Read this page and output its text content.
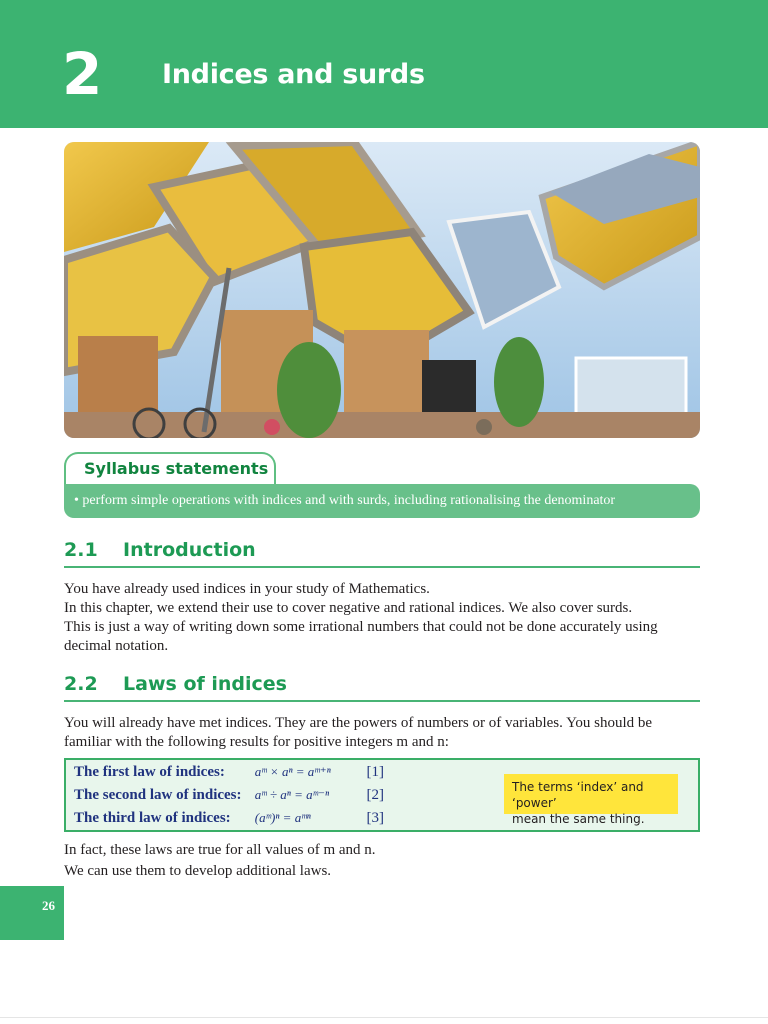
2	Indices and surds
Syllabus statements
• perform simple operations with indices and with surds, including rationalising the denominator
2.1 Introduction
You have already used indices in your study of Mathematics.
In this chapter, we extend their use to cover negative and rational indices. We also cover surds.
This is just a way of writing down some irrational numbers that could not be done accurately using
decimal notation.
2.2 Laws of indices
You will already have met indices. They are the powers of numbers or of variables. You should be
familiar with the following results for positive integers m and n:
The first law of indices: aᵐ × aⁿ = aᵐ⁺ⁿ [1]
The second law of indices: aᵐ ÷ aⁿ = aᵐ⁻ⁿ [2]
The third law of indices: (aᵐ)ⁿ = aᵐⁿ	[3]
The terms ‘index’ and ‘power’
mean the same thing.
In fact, these laws are true for all values of m and n.
We can use them to develop additional laws.
26
